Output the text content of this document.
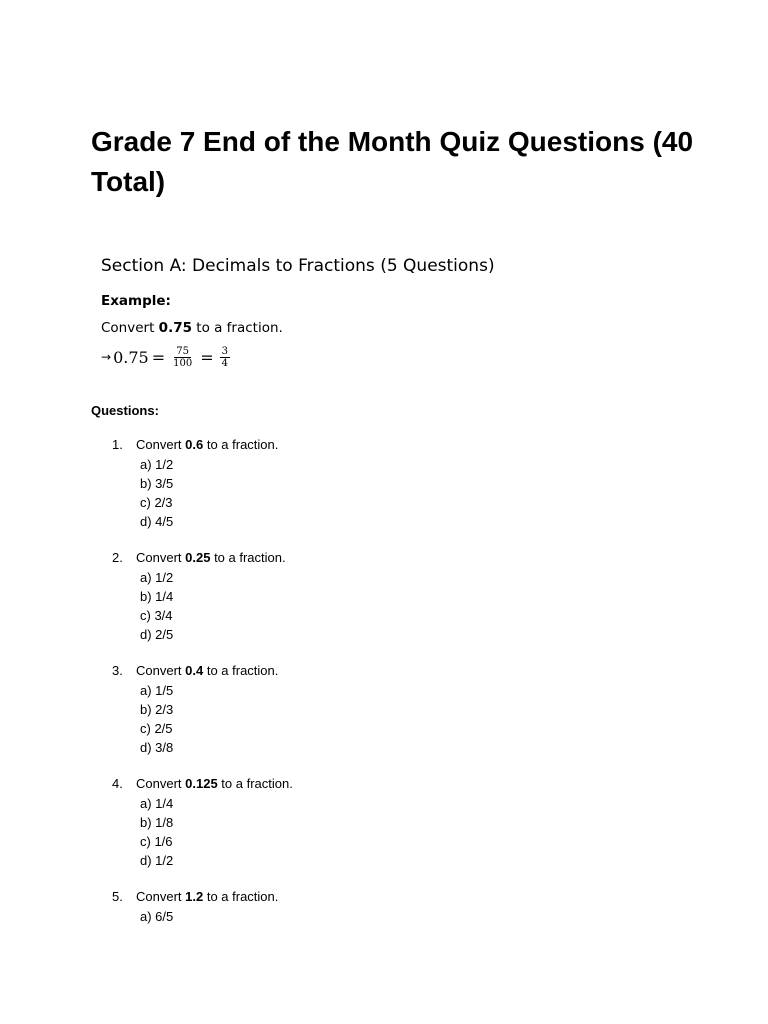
Grade 7 End of the Month Quiz Questions (40 Total)
Section A: Decimals to Fractions (5 Questions)
Example:
Convert 0.75 to a fraction.
→ $0.75 = \frac{75}{100} = \frac{3}{4}$
Questions:
1. Convert 0.6 to a fraction.
a) 1/2
b) 3/5
c) 2/3
d) 4/5
2. Convert 0.25 to a fraction.
a) 1/2
b) 1/4
c) 3/4
d) 2/5
3. Convert 0.4 to a fraction.
a) 1/5
b) 2/3
c) 2/5
d) 3/8
4. Convert 0.125 to a fraction.
a) 1/4
b) 1/8
c) 1/6
d) 1/2
5. Convert 1.2 to a fraction.
a) 6/5
